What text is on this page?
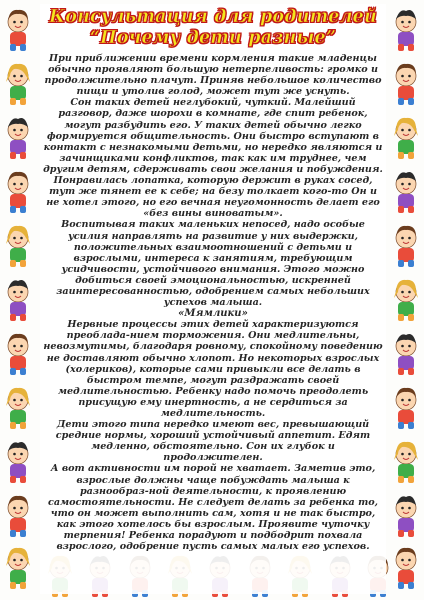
Консультация для родителей
“Почему дети разные”

При приближении времени кормления такие младенцы обычно проявляют большую нетерпеливость: громко и продолжительно плачут. Приняв небольшое количество пищи и утолив голод, может тут же уснуть.

Сон таких детей неглубокий, чуткий. Малейший разговор, даже шорохи в комнате, где спит ребенок, могут разбудить его. У таких детей обычно легко формируется общительность. Они быстро вступают в контакт с незнакомыми детьми, но нередко являются и зачинщиками конфликтов, так как им труднее, чем другим детям, сдерживать свои желания и побуждения. Понравилась лопатка, которую держит в руках сосед, тут же тянет ее к себе; на безу толкает кого-то Он и не хотел этого, но его вечная неугомонность делает его «без вины виноватым».

Воспитывая таких маленьких непосед, надо особые усилия направлять на развитие у них выдержки, положительных взаимоотношений с детьми и взрослыми, интереса к занятиям, требующим усидчивости, устойчивого внимания. Этого можно добиться своей эмоциональностью, искренней заинтересованностью, одобрением самых небольших успехов малыша.

«Мямлики»

Нервные процессы этих детей характеризуются преоблада-нием торможения. Они медлительны, невозмутимы, благодаря ровному, спокойному поведению не доставляют обычно хлопот. Но некоторых взрослых (холериков), которые сами привыкли все делать в быстром темпе, могут раздражать своей медлительностью. Ребенку надо помочь преодолеть присущую ему инертность, а не сердиться за медлительность.

Дети этого типа нередко имеют вес, превышающий средние нормы, хороший устойчивый аппетит. Едят медленно, обстоятельно. Сон их глубок и продолжителен.

А вот активности им порой не хватает. Заметив это, взрослые должны чаще побуждать малыша к разнообраз-ной деятельности, к проявлению самостоятельности. Не следует делать за ребенка то, что он может выполнить сам, хотя и не так быстро, как этого хотелось бы взрослым. Проявите чуточку терпения! Ребенка порадуют и подбодрит похвала взрослого, одобрение пусть самых малых его успехов.
